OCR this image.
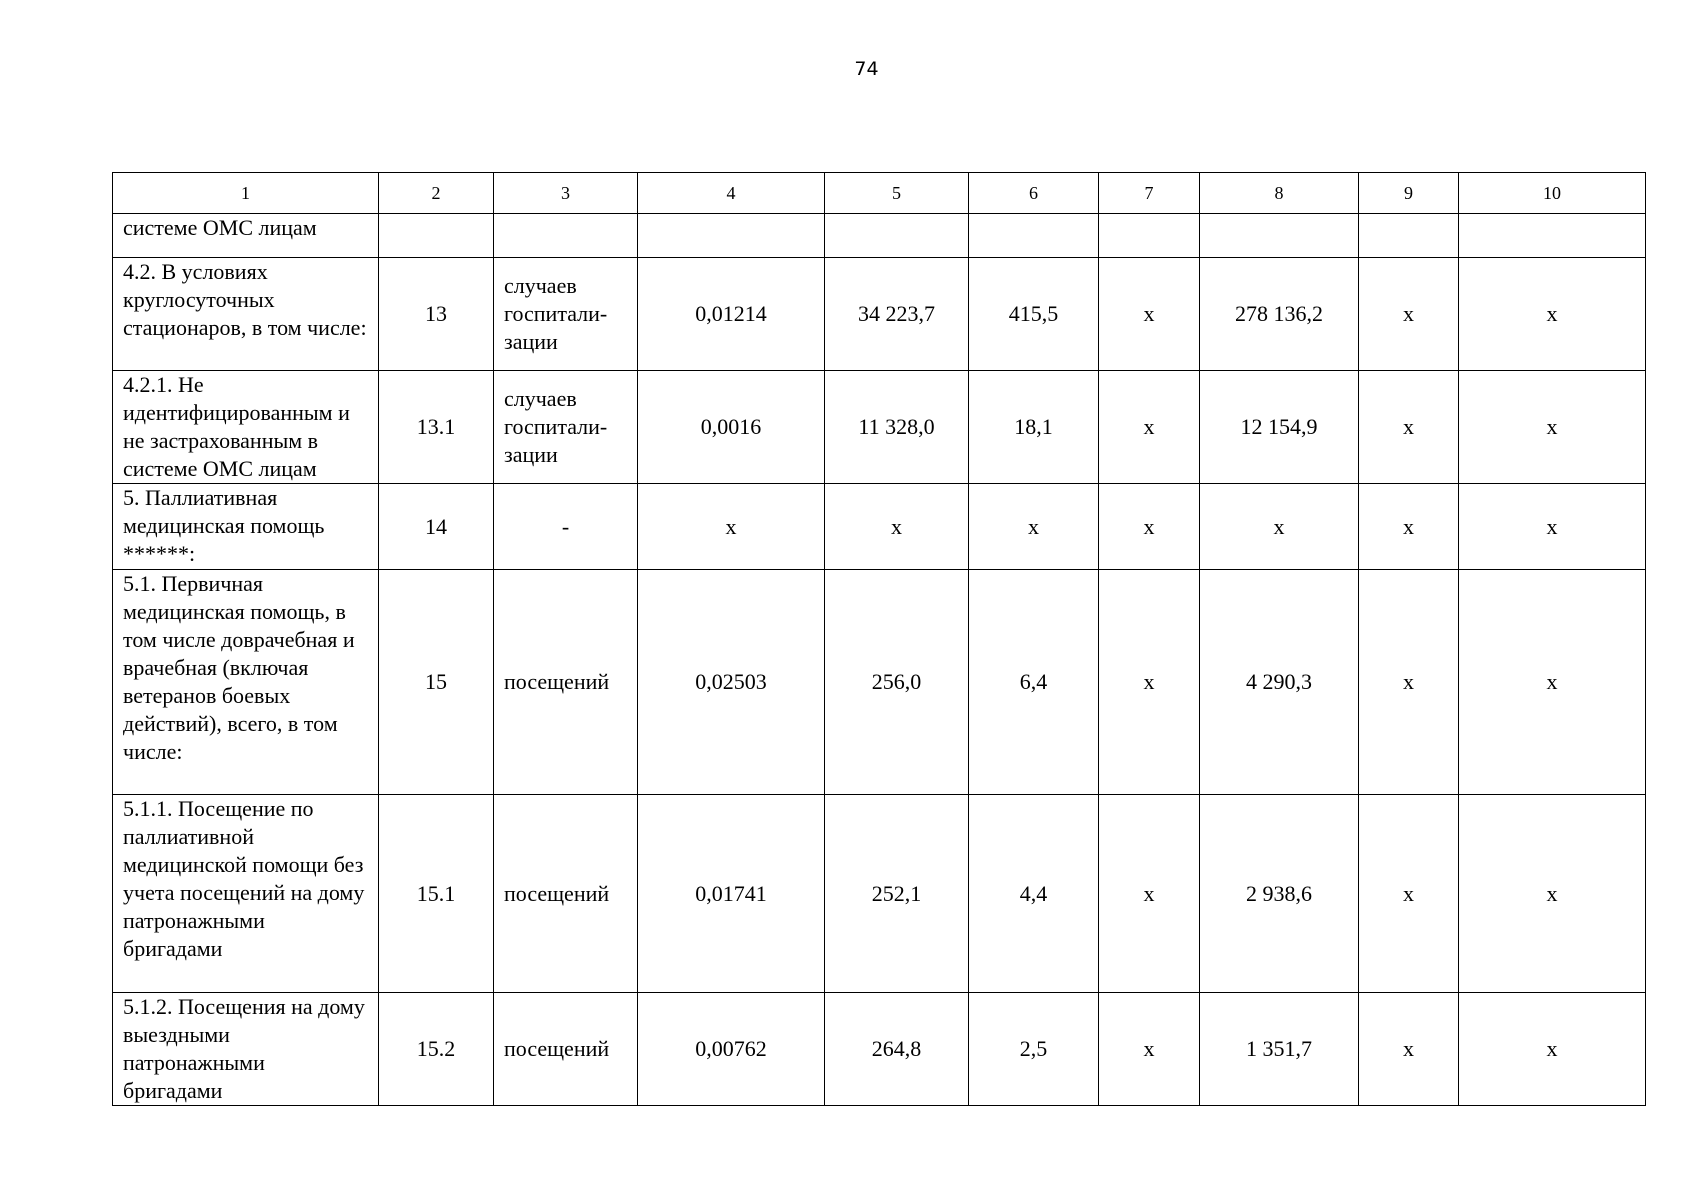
74
1	2	3	4	5	6	7	8	9	10
системе ОМС лицам									
4.2. В условиях круглосуточных стационаров, в том числе:	13	случаев госпитали-зации	0,01214	34 223,7	415,5	х	278 136,2	х	х
4.2.1. Не идентифицированным и не застрахованным в системе ОМС лицам	13.1	случаев госпитали-зации	0,0016	11 328,0	18,1	х	12 154,9	х	х
5. Паллиативная медицинская помощь ******:	14	-	х	х	х	х	х	х	х
5.1. Первичная медицинская помощь, в том числе доврачебная и врачебная (включая ветеранов боевых действий), всего, в том числе:	15	посещений	0,02503	256,0	6,4	х	4 290,3	х	х
5.1.1. Посещение по паллиативной медицинской помощи без учета посещений на дому патронажными бригадами	15.1	посещений	0,01741	252,1	4,4	х	2 938,6	х	х
5.1.2. Посещения на дому выездными патронажными бригадами	15.2	посещений	0,00762	264,8	2,5	х	1 351,7	х	х
